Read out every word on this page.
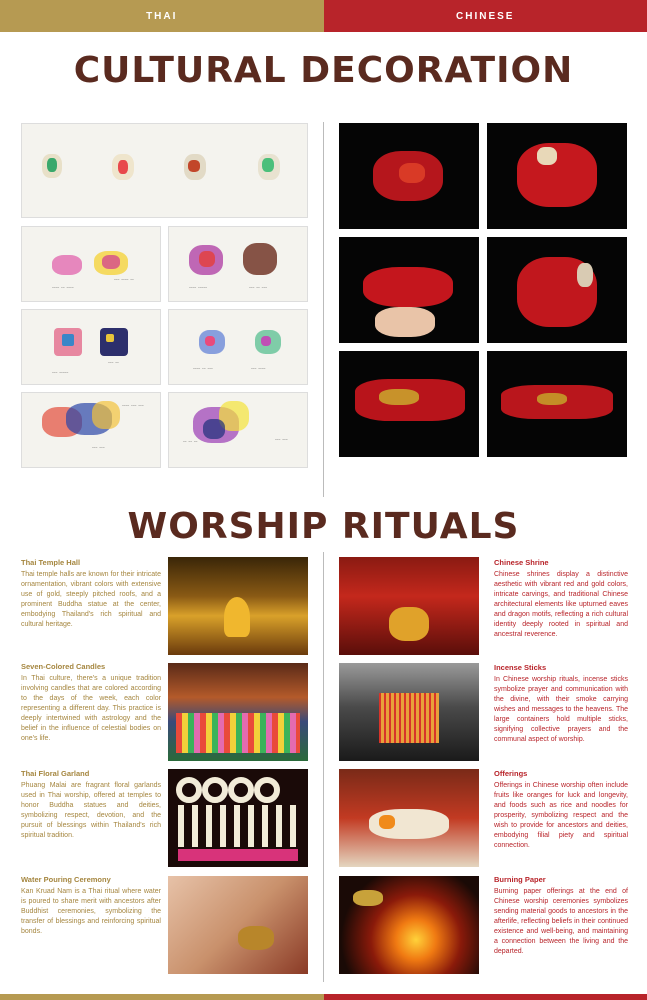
THAI	CHINESE
CULTURAL DECORATION
~~~~ ~~ ~~~~
~~~ ~~~~ ~~
~~~~ ~~~~~	~~~ ~~ ~~~
~~~ ~~~~~
~~~ ~~
~~~~ ~~ ~~~	~~~ ~~~~
~~~~ ~~~ ~~~
~~~ ~~~
~~ ~~ ~~	~~~ ~~~
WORSHIP RITUALS
Thai Temple Hall

Thai temple halls are known for their intricate ornamentation, vibrant colors with extensive use of gold, steeply pitched roofs, and a prominent Buddha statue at the center, embodying Thailand's rich spiritual and cultural heritage.

Seven-Colored Candles

In Thai culture, there's a unique tradition involving candles that are colored according to the days of the week, each color representing a different day. This practice is deeply intertwined with astrology and the belief in the influence of celestial bodies on one's life.

Thai Floral Garland

Phuang Malai are fragrant floral garlands used in Thai worship, offered at temples to honor Buddha statues and deities, symbolizing respect, devotion, and the pursuit of blessings within Thailand's rich spiritual tradition.

Water Pouring Ceremony

Kan Kruad Nam is a Thai ritual where water is poured to share merit with ancestors after Buddhist ceremonies, symbolizing the transfer of blessings and reinforcing spiritual bonds.

Chinese Shrine

Chinese shrines display a distinctive aesthetic with vibrant red and gold colors, intricate carvings, and traditional Chinese architectural elements like upturned eaves and dragon motifs, reflecting a rich cultural identity deeply rooted in spiritual and ancestral reverence.

Incense Sticks

In Chinese worship rituals, incense sticks symbolize prayer and communication with the divine, with their smoke carrying wishes and messages to the heavens. The large containers hold multiple sticks, signifying collective prayers and the communal aspect of worship.

Offerings

Offerings in Chinese worship often include fruits like oranges for luck and longevity, and foods such as rice and noodles for prosperity, symbolizing respect and the wish to provide for ancestors and deities, embodying filial piety and spiritual connection.

Burning Paper

Burning paper offerings at the end of Chinese worship ceremonies symbolizes sending material goods to ancestors in the afterlife, reflecting beliefs in their continued existence and well-being, and maintaining a connection between the living and the departed.
